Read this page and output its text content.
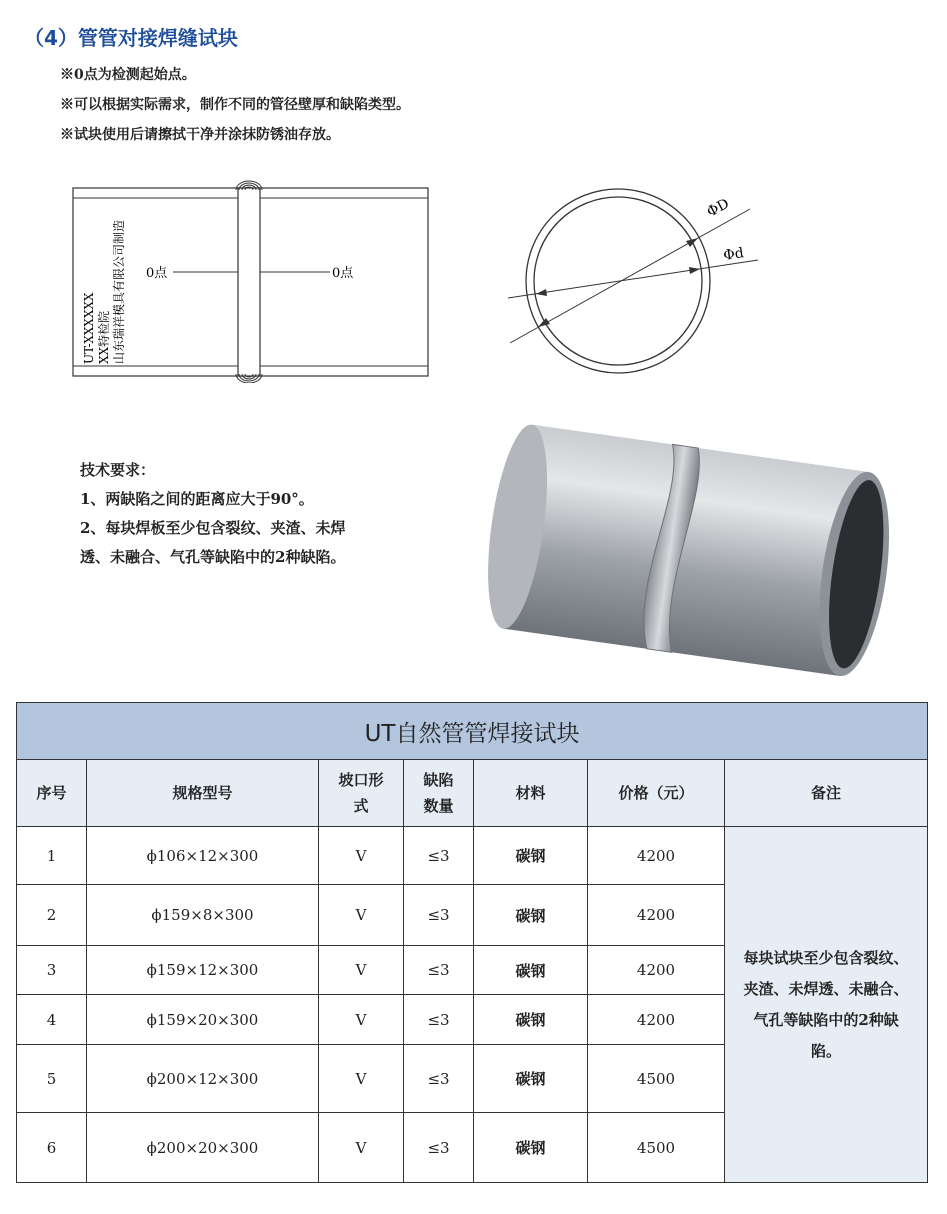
（4）管管对接焊缝试块
※0点为检测起始点。
※可以根据实际需求，制作不同的管径壁厚和缺陷类型。
※试块使用后请擦拭干净并涂抹防锈油存放。
0点	0点
UT-XXXXXX XX特检院 山东瑞祥模具有限公司制造
ΦD
Φd
技术要求：
1、两缺陷之间的距离应大于90°。
2、每块焊板至少包含裂纹、夹渣、未焊
透、未融合、气孔等缺陷中的2种缺陷。
UT自然管管焊接试块						
序号	规格型号	坡口形式	缺陷数量	材料	价格（元）	备注
1	ϕ106×12×300	V	≤3	碳钢	4200	每块试块至少包含裂纹、夹渣、未焊透、未融合、气孔等缺陷中的2种缺陷。
2	ϕ159×8×300	V	≤3	碳钢	4200	
3	ϕ159×12×300	V	≤3	碳钢	4200	
4	ϕ159×20×300	V	≤3	碳钢	4200	
5	ϕ200×12×300	V	≤3	碳钢	4500	
6	ϕ200×20×300	V	≤3	碳钢	4500	
